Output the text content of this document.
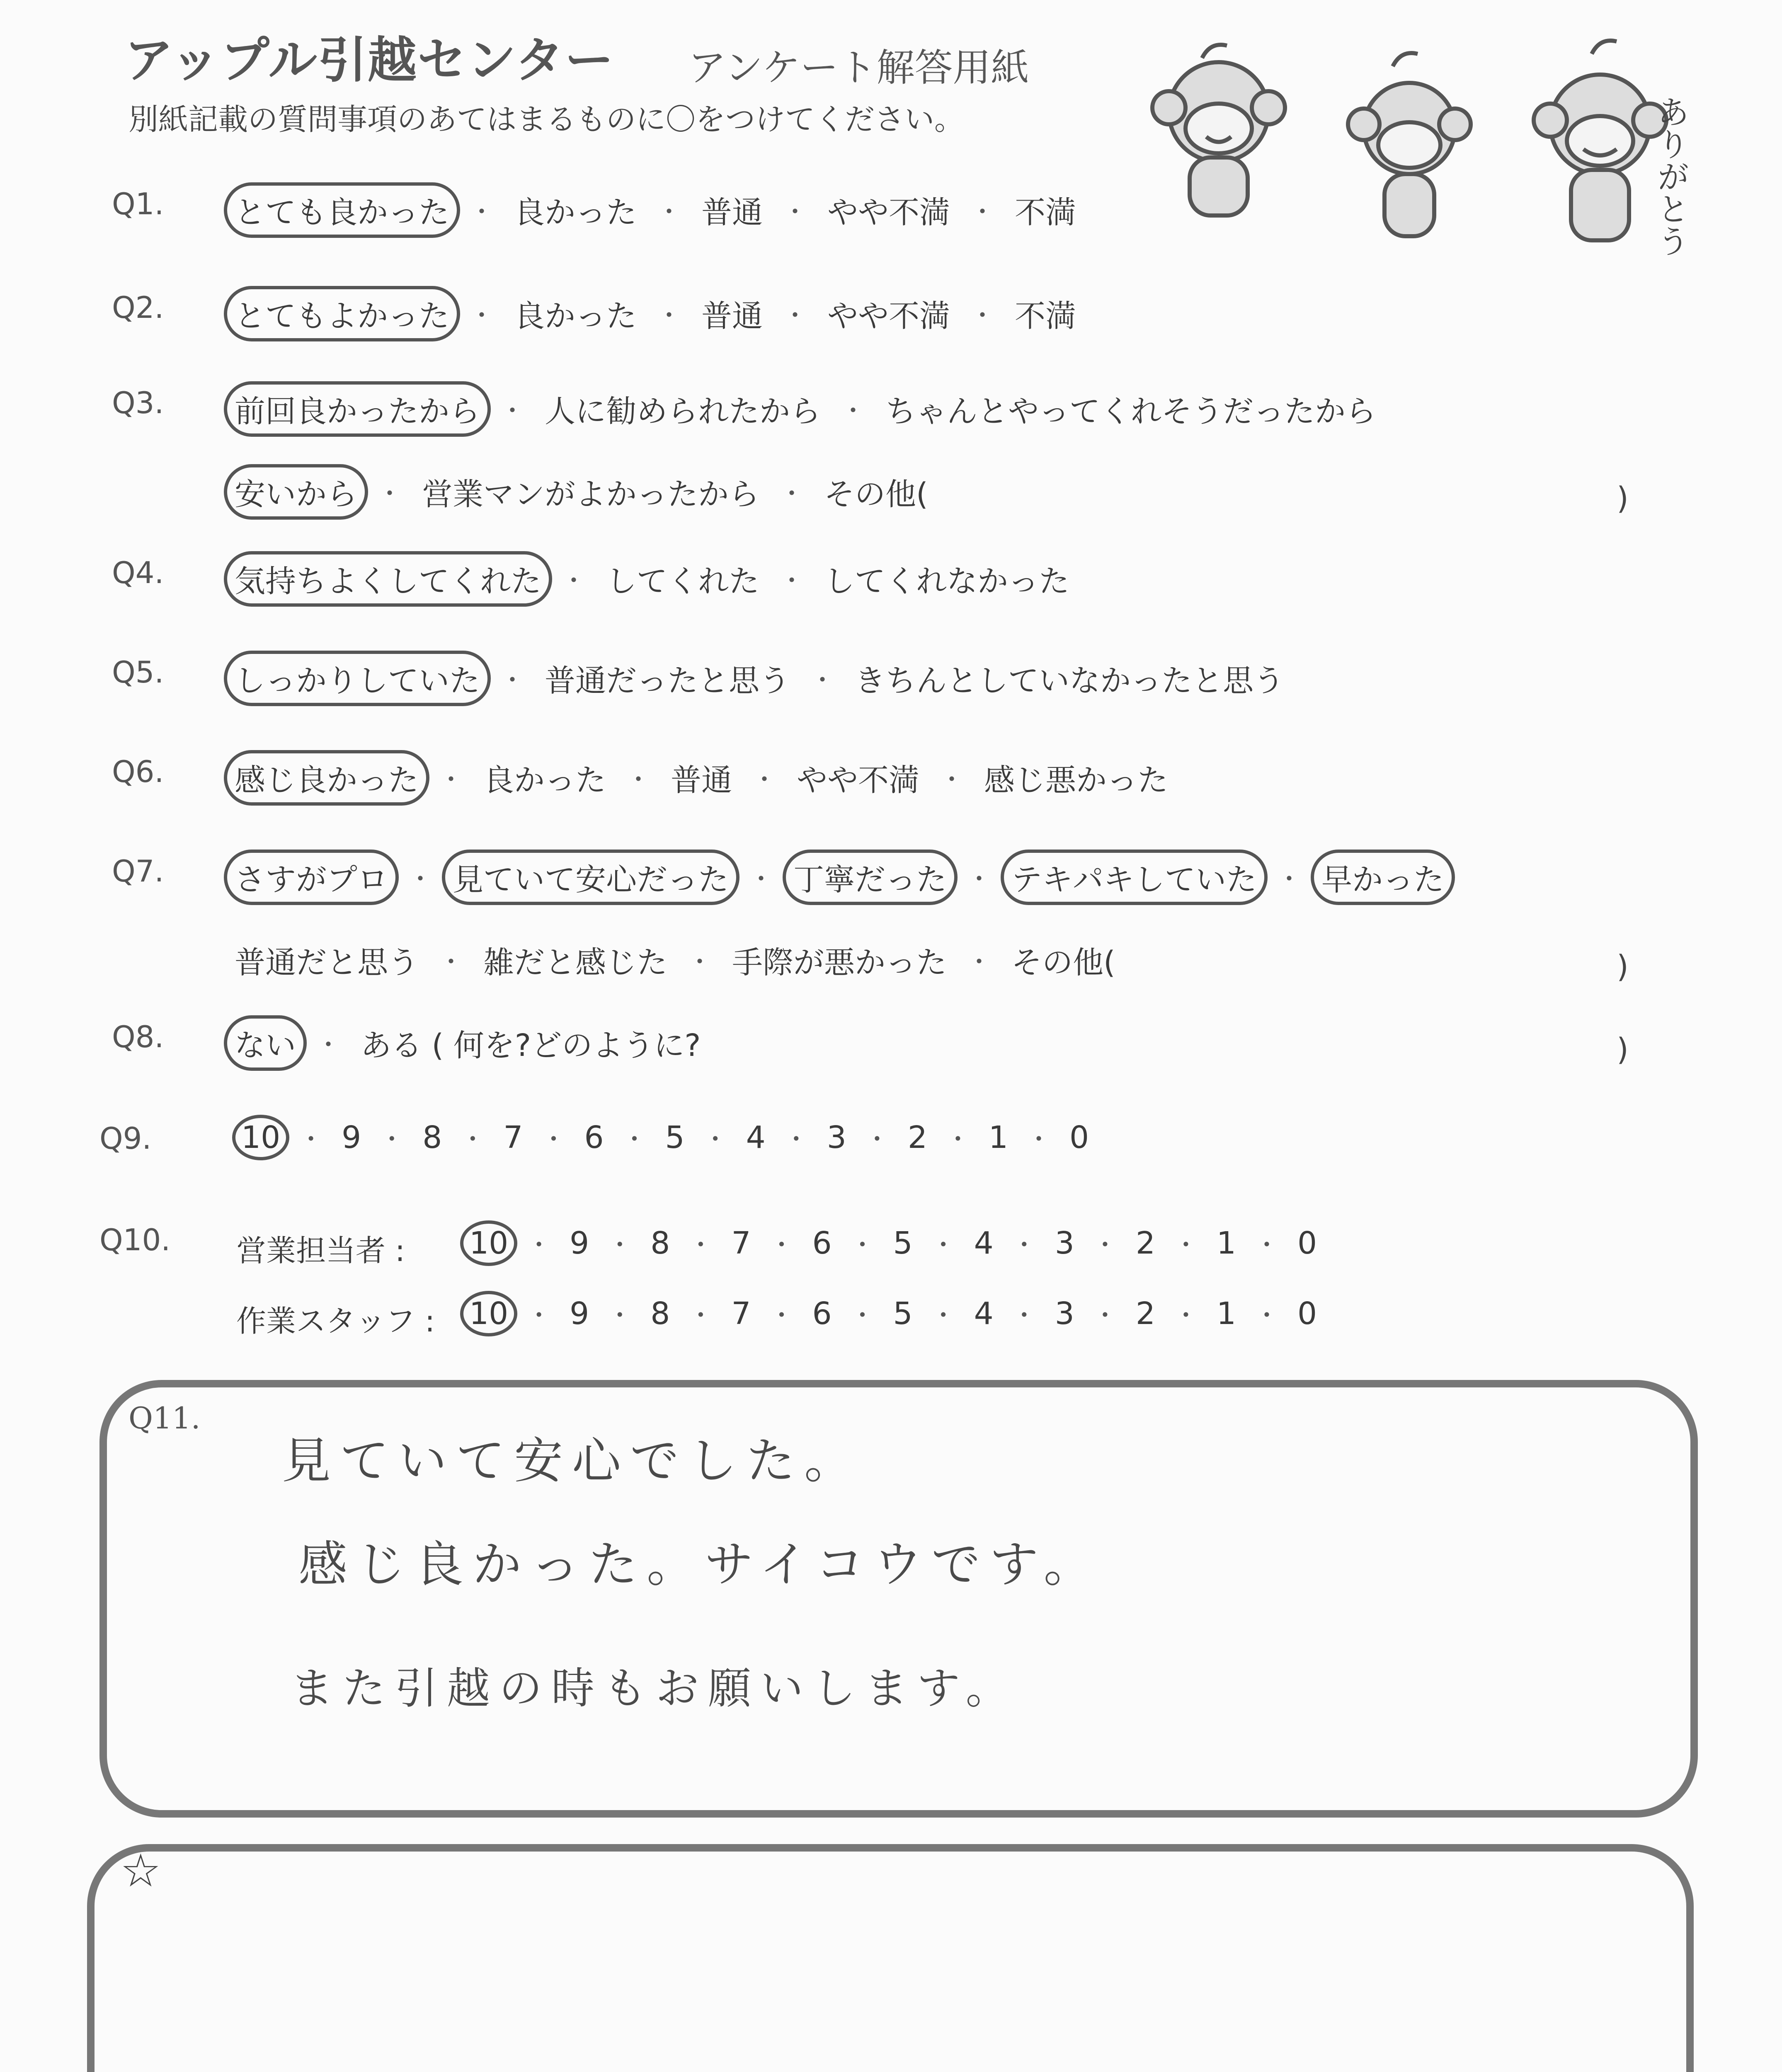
アップル引越センター アンケート解答用紙
別紙記載の質問事項のあてはまるものに〇をつけてください。	ありがとう
Q1.	とても良かった ・ 良かった ・ 普通 ・ やや不満 ・ 不満
Q2.	とてもよかった ・ 良かった ・ 普通 ・ やや不満 ・ 不満
Q3.	前回良かったから ・ 人に勧められたから ・ ちゃんとやってくれそうだったから
安いから ・ 営業マンがよかったから ・ その他(	)
Q4.	気持ちよくしてくれた ・ してくれた ・ してくれなかった
Q5.	しっかりしていた ・ 普通だったと思う ・ きちんとしていなかったと思う
Q6.	感じ良かった ・ 良かった ・ 普通 ・ やや不満 ・ 感じ悪かった
Q7.	さすがプロ ・ 見ていて安心だった ・ 丁寧だった ・ テキパキしていた ・ 早かった
普通だと思う ・ 雑だと感じた ・ 手際が悪かった ・ その他(	)
Q8.	ない ・ ある ( 何を?どのように?	)
Q9.	10 ・ 9 ・ 8 ・ 7 ・ 6 ・ 5 ・ 4 ・ 3 ・ 2 ・ 1 ・ 0
Q10. 営業担当者 : 10 ・ 9 ・ 8 ・ 7 ・ 6 ・ 5 ・ 4 ・ 3 ・ 2 ・ 1 ・ 0
作業スタッフ : 10 ・ 9 ・ 8 ・ 7 ・ 6 ・ 5 ・ 4 ・ 3 ・ 2 ・ 1 ・ 0
Q11.
見ていて安心でした。
感じ良かった。サイコウです。
また引越の時もお願いします。
☆
